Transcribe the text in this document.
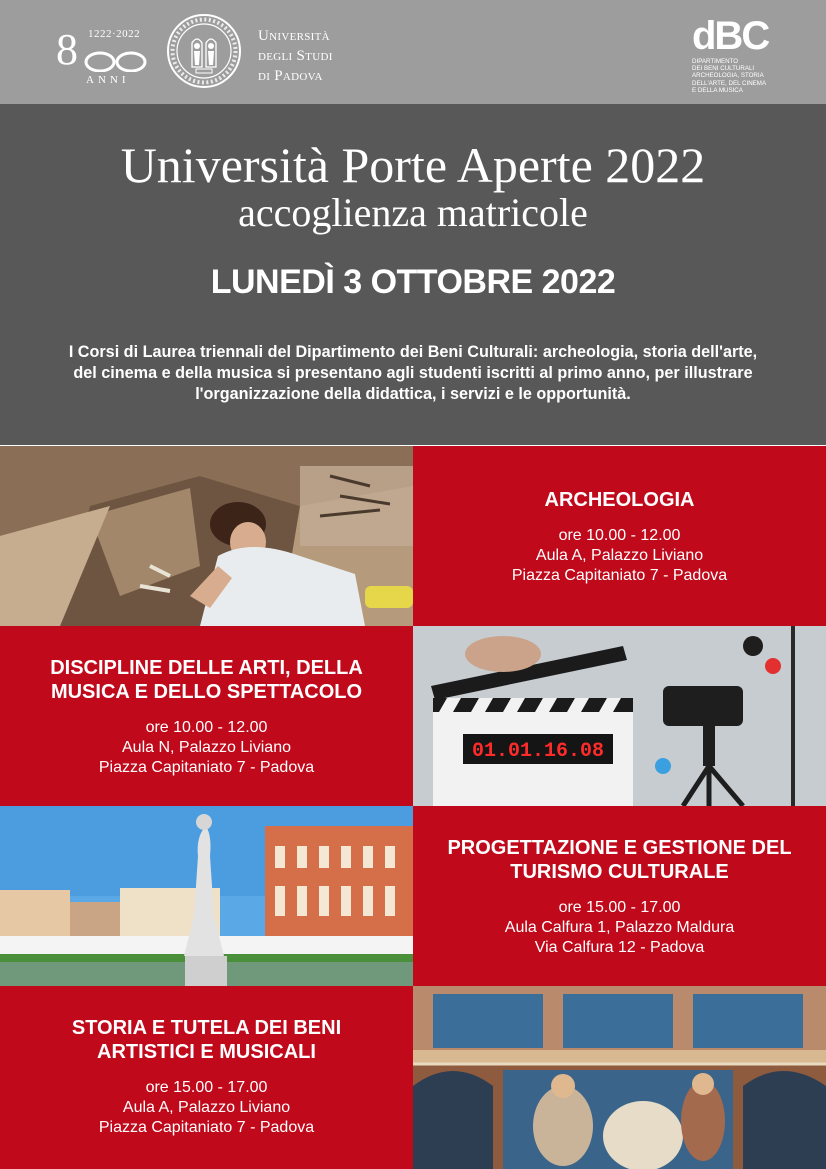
8 1222·2022
ANNI
Università
degli Studi
di Padova
dBC
DIPARTIMENTO
DEI BENI CULTURALI
ARCHEOLOGIA, STORIA
DELL'ARTE, DEL CINEMA
E DELLA MUSICA
Università Porte Aperte 2022
accoglienza matricole
LUNEDÌ 3 OTTOBRE 2022
I Corsi di Laurea triennali del Dipartimento dei Beni Culturali: archeologia, storia dell'arte, del cinema e della musica si presentano agli studenti iscritti al primo anno, per illustrare l'organizzazione della didattica, i servizi e le opportunità.
ARCHEOLOGIA
ore 10.00 - 12.00
Aula A, Palazzo Liviano
Piazza Capitaniato 7 - Padova
DISCIPLINE DELLE ARTI, DELLA MUSICA E DELLO SPETTACOLO
ore 10.00 - 12.00
Aula N, Palazzo Liviano
Piazza Capitaniato 7 - Padova
01.01.16.08
PROGETTAZIONE E GESTIONE DEL TURISMO CULTURALE
ore 15.00 - 17.00
Aula Calfura 1, Palazzo Maldura
Via Calfura 12 - Padova
STORIA E TUTELA DEI BENI ARTISTICI E MUSICALI
ore 15.00 - 17.00
Aula A, Palazzo Liviano
Piazza Capitaniato 7 - Padova
